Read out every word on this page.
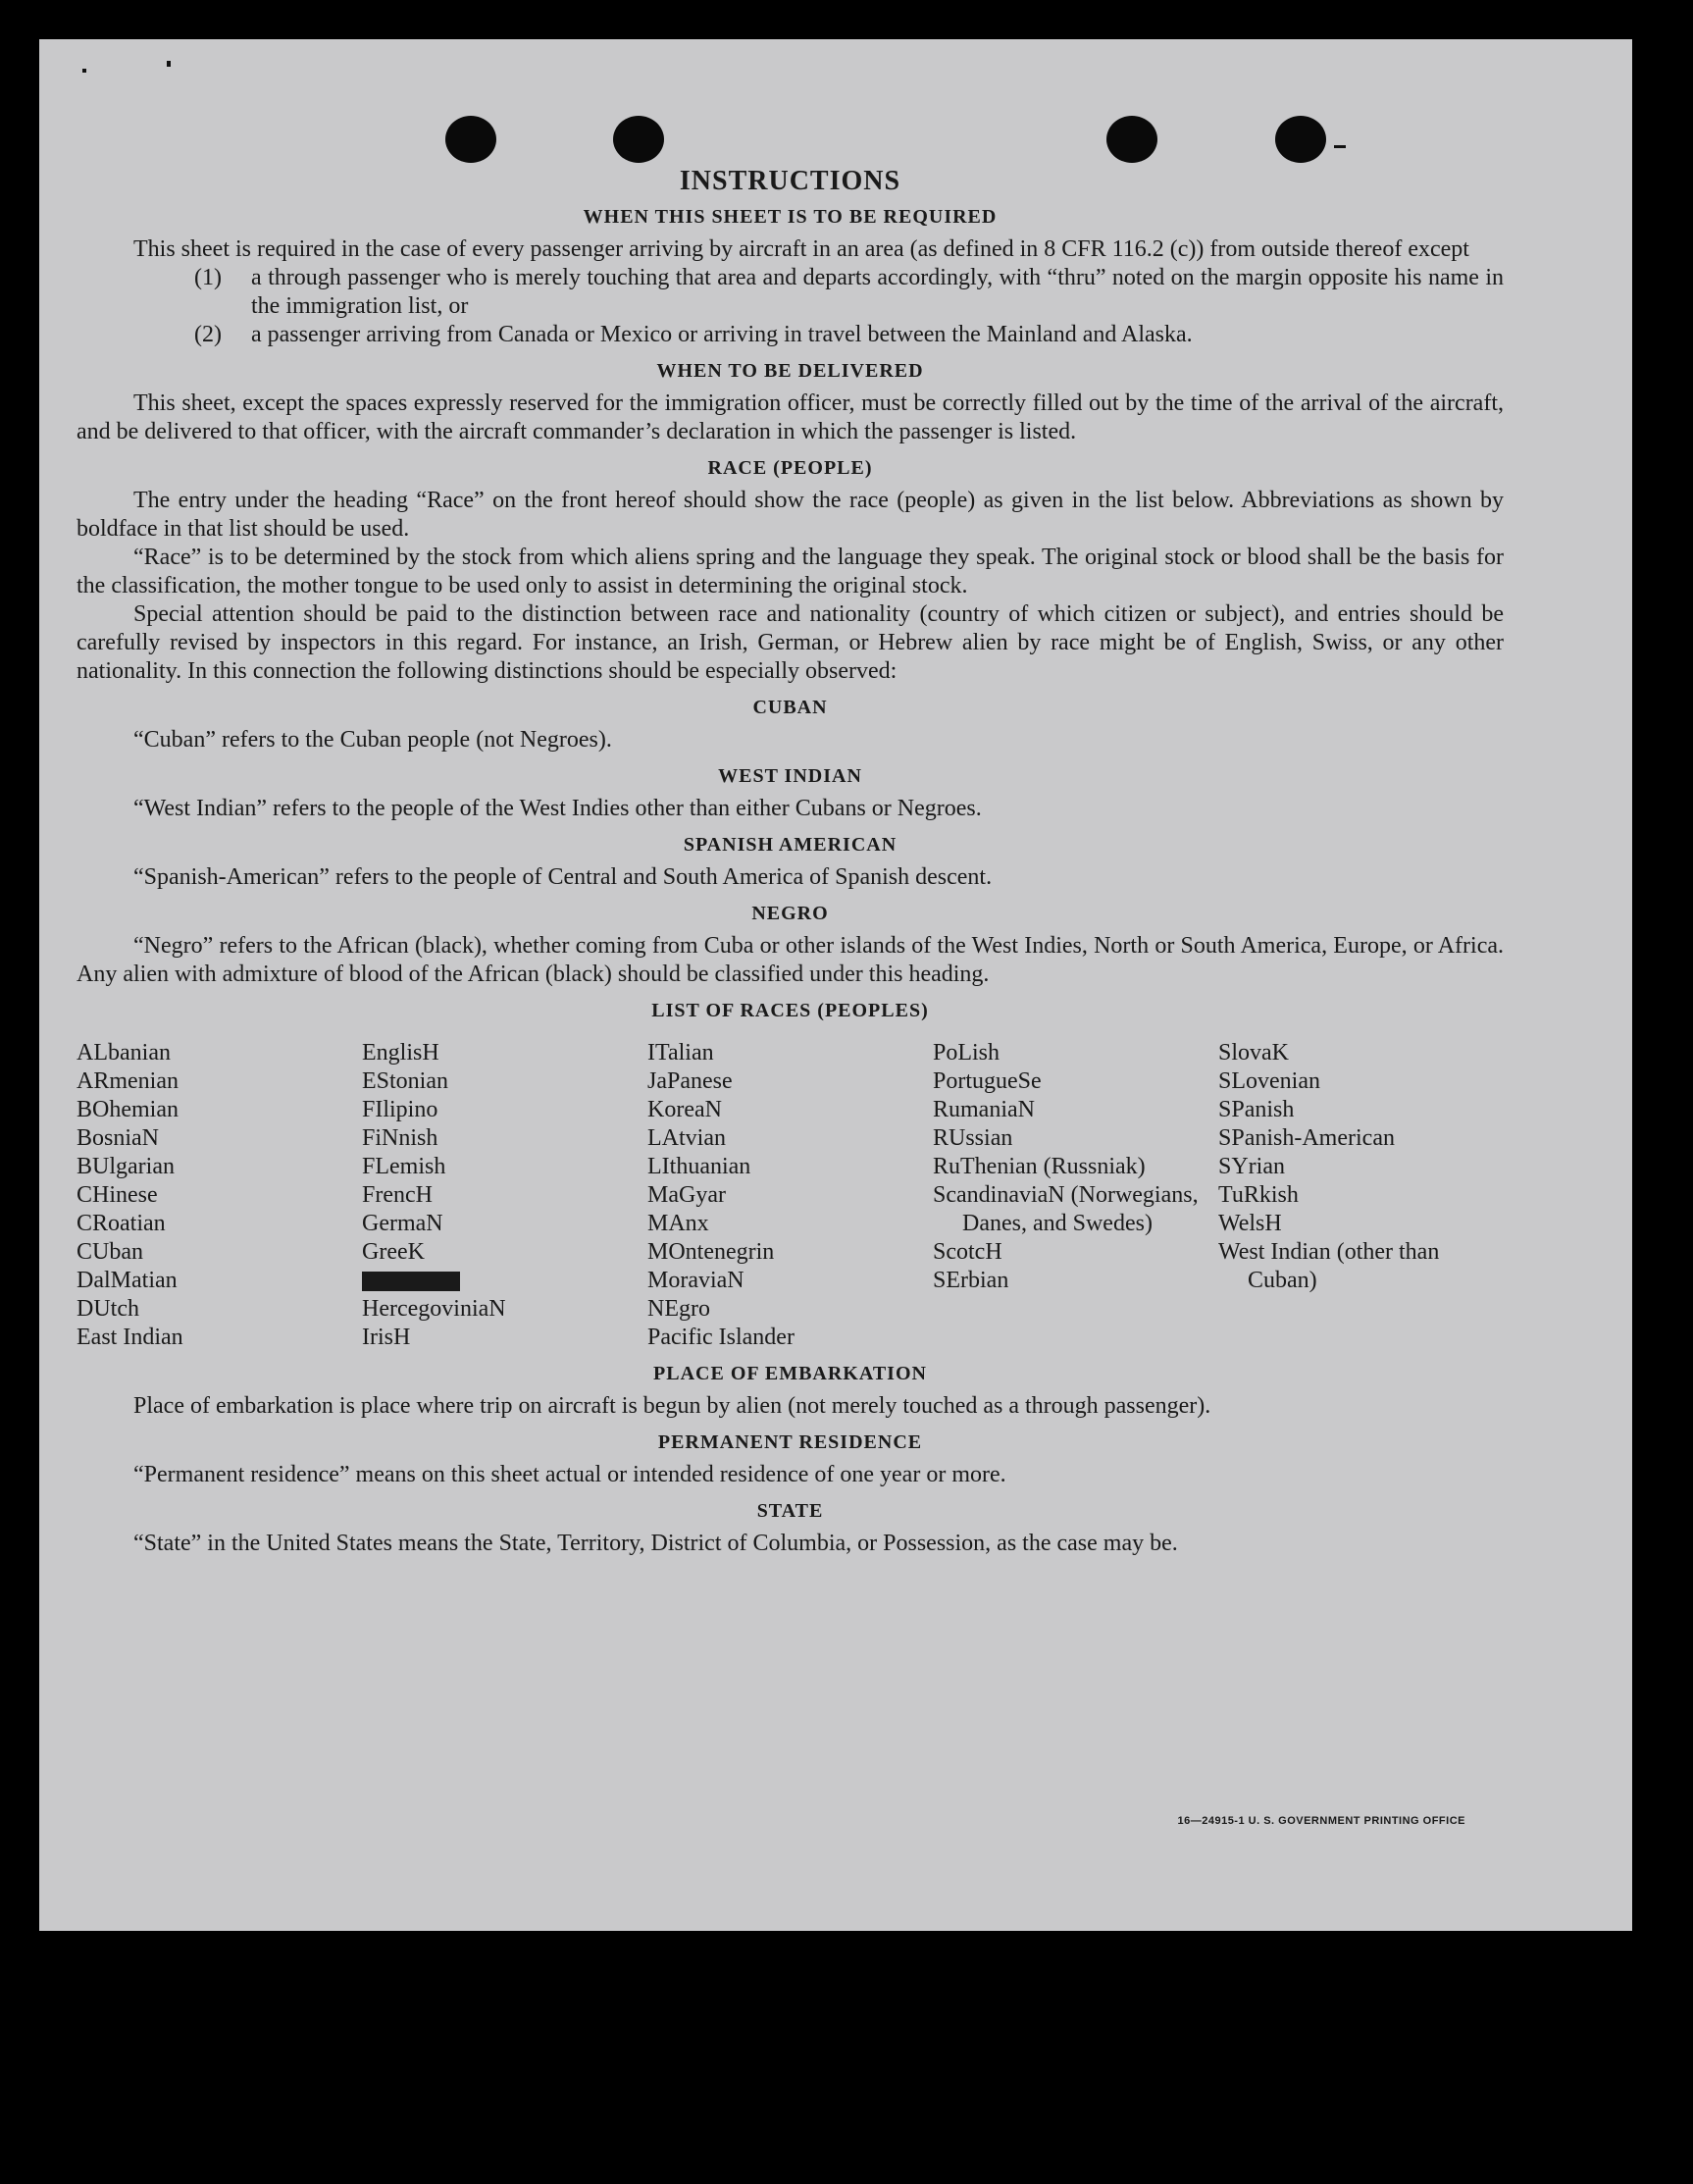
INSTRUCTIONS
WHEN THIS SHEET IS TO BE REQUIRED

This sheet is required in the case of every passenger arriving by aircraft in an area (as defined in 8 CFR 116.2 (c)) from outside thereof except

(1)	a through passenger who is merely touching that area and departs accordingly, with “thru” noted on the margin opposite his name in the immigration list, or
(2)	a passenger arriving from Canada or Mexico or arriving in travel between the Mainland and Alaska.
WHEN TO BE DELIVERED

This sheet, except the spaces expressly reserved for the immigration officer, must be correctly filled out by the time of the arrival of the aircraft, and be delivered to that officer, with the aircraft commander’s declaration in which the passenger is listed.

RACE (PEOPLE)

The entry under the heading “Race” on the front hereof should show the race (people) as given in the list below. Abbreviations as shown by boldface in that list should be used.

“Race” is to be determined by the stock from which aliens spring and the language they speak. The original stock or blood shall be the basis for the classification, the mother tongue to be used only to assist in determining the original stock.

Special attention should be paid to the distinction between race and nationality (country of which citizen or subject), and entries should be carefully revised by inspectors in this regard. For instance, an Irish, German, or Hebrew alien by race might be of English, Swiss, or any other nationality. In this connection the following distinctions should be especially observed:

CUBAN

“Cuban” refers to the Cuban people (not Negroes).

WEST INDIAN

“West Indian” refers to the people of the West Indies other than either Cubans or Negroes.

SPANISH AMERICAN

“Spanish-American” refers to the people of Central and South America of Spanish descent.

NEGRO

“Negro” refers to the African (black), whether coming from Cuba or other islands of the West Indies, North or South America, Europe, or Africa. Any alien with admixture of blood of the African (black) should be classified under this heading.

LIST OF RACES (PEOPLES)
ALbanian
ARmenian
BOhemian
BosniaN
BUlgarian
CHinese
CRoatian
CUban
DalMatian
DUtch
East Indian
EnglisH
EStonian
FIlipino
FiNnish
FLemish
FrencH
GermaN
GreeK
HercegoviniaN
IrisH
ITalian
JaPanese
KoreaN
LAtvian
LIthuanian
MaGyar
MAnx
MOntenegrin
MoraviaN
NEgro
Pacific Islander
PoLish
PortugueSe
RumaniaN
RUssian
RuThenian (Russniak)
ScandinaviaN (Norwegians, Danes, and Swedes)
ScotcH
SErbian
SlovaK
SLovenian
SPanish
SPanish-American
SYrian
TuRkish
WelsH
West Indian (other than Cuban)
PLACE OF EMBARKATION

Place of embarkation is place where trip on aircraft is begun by alien (not merely touched as a through passenger).

PERMANENT RESIDENCE

“Permanent residence” means on this sheet actual or intended residence of one year or more.

STATE

“State” in the United States means the State, Territory, District of Columbia, or Possession, as the case may be.

16—24915-1 U. S. GOVERNMENT PRINTING OFFICE
